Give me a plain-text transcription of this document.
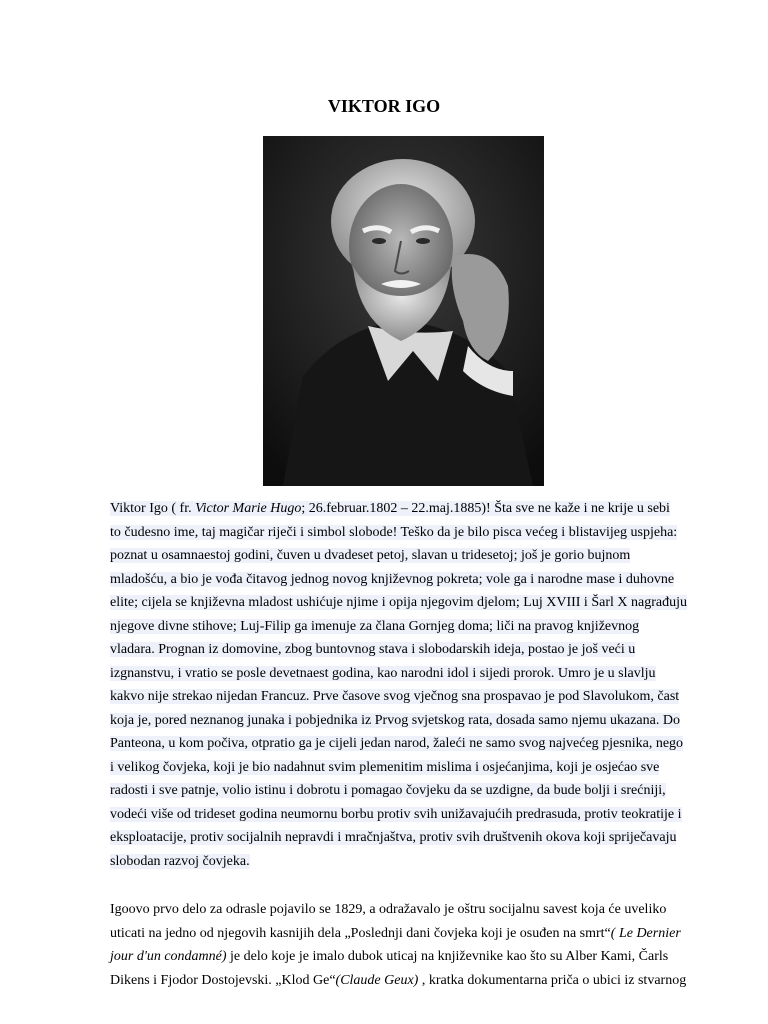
VIKTOR IGO
Viktor Igo ( fr. Victor Marie Hugo; 26.februar.1802 – 22.maj.1885)! Šta sve ne kaže i ne krije u sebi
to čudesno ime, taj magičar riječi i simbol slobode! Teško da je bilo pisca većeg i blistavijeg uspjeha:
poznat u osamnaestoj godini, čuven u dvadeset petoj, slavan u tridesetoj; još je gorio bujnom
mladošću, a bio je vođa čitavog jednog novog književnog pokreta; vole ga i narodne mase i duhovne
elite; cijela se književna mladost ushićuje njime i opija njegovim djelom; Luj XVIII i Šarl X nagrađuju
njegove divne stihove; Luj-Filip ga imenuje za člana Gornjeg doma; liči na pravog književnog
vladara. Prognan iz domovine, zbog buntovnog stava i slobodarskih ideja, postao je još veći u
izgnanstvu, i vratio se posle devetnaest godina, kao narodni idol i sijedi prorok. Umro je u slavlju
kakvo nije strekao nijedan Francuz. Prve časove svog vječnog sna prospavao je pod Slavolukom, čast
koja je, pored neznanog junaka i pobjednika iz Prvog svjetskog rata, dosada samo njemu ukazana. Do
Panteona, u kom počiva, otpratio ga je cijeli jedan narod, žaleći ne samo svog najvećeg pjesnika, nego
i velikog čovjeka, koji je bio nadahnut svim plemenitim mislima i osjećanjima, koji je osjećao sve
radosti i sve patnje, volio istinu i dobrotu i pomagao čovjeku da se uzdigne, da bude bolji i srećniji,
vodeći više od trideset godina neumornu borbu protiv svih unižavajućih predrasuda, protiv teokratije i
eksploatacije, protiv socijalnih nepravdi i mračnjaštva, protiv svih društvenih okova koji spriječavaju
slobodan razvoj čovjeka.
Igoovo prvo delo za odrasle pojavilo se 1829, a odražavalo je oštru socijalnu savest koja će uveliko
uticati na jedno od njegovih kasnijih dela „Poslednji dani čovjeka koji je osuđen na smrt“( Le Dernier
jour d'un condamné) je delo koje je imalo dubok uticaj na književnike kao što su Alber Kami, Čarls
Dikens i Fjodor Dostojevski. „Klod Ge“(Claude Geux) , kratka dokumentarna priča o ubici iz stvarnog
